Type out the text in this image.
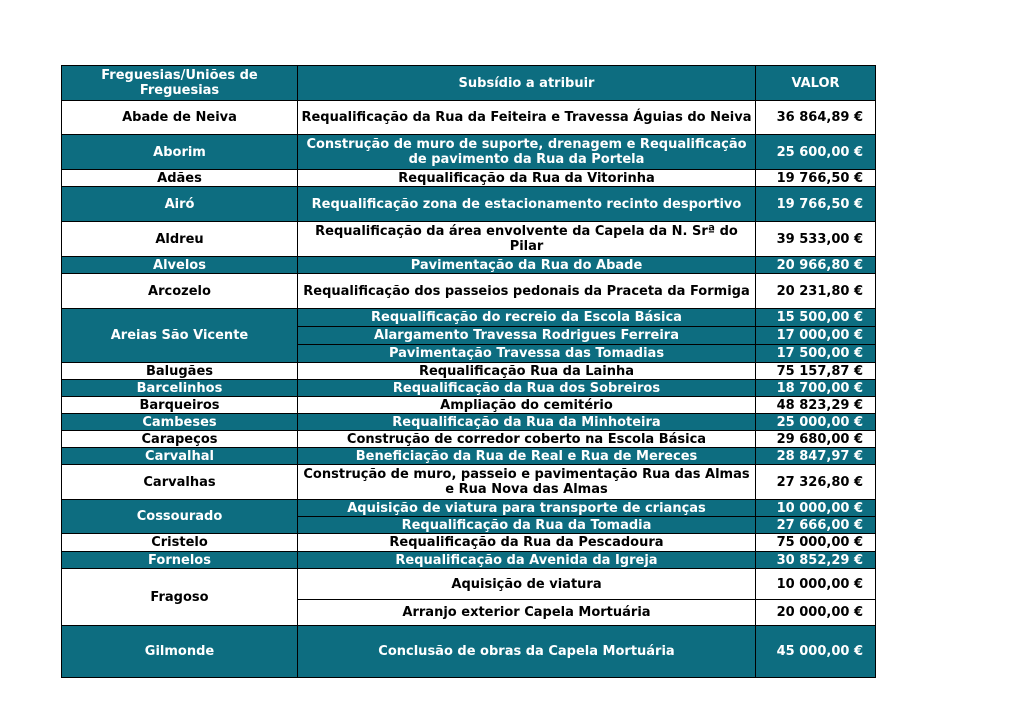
Freguesias/Uniões de Freguesias	Subsídio a atribuir	VALOR
Abade de Neiva	Requalificação da Rua da Feiteira e Travessa Águias do Neiva	36 864,89 €
Aborim	Construção de muro de suporte, drenagem e Requalificação de pavimento da Rua da Portela	25 600,00 €
Adães	Requalificação da Rua da Vitorinha	19 766,50 €
Airó	Requalificação zona de estacionamento recinto desportivo	19 766,50 €
Aldreu	Requalificação da área envolvente da Capela da N. Srª do Pilar	39 533,00 €
Alvelos	Pavimentação da Rua do Abade	20 966,80 €
Arcozelo	Requalificação dos passeios pedonais da Praceta da Formiga	20 231,80 €
Areias São Vicente	Requalificação do recreio da Escola Básica	15 500,00 €
	Alargamento Travessa Rodrigues Ferreira	17 000,00 €
	Pavimentação Travessa das Tomadias	17 500,00 €
Balugães	Requalificação Rua da Lainha	75 157,87 €
Barcelinhos	Requalificação da Rua dos Sobreiros	18 700,00 €
Barqueiros	Ampliação do cemitério	48 823,29 €
Cambeses	Requalificação da Rua da Minhoteira	25 000,00 €
Carapeços	Construção de corredor coberto na Escola Básica	29 680,00 €
Carvalhal	Beneficiação da Rua de Real e Rua de Mereces	28 847,97 €
Carvalhas	Construção de muro, passeio e pavimentação Rua das Almas e Rua Nova das Almas	27 326,80 €
Cossourado	Aquisição de viatura para transporte de crianças	10 000,00 €
	Requalificação da Rua da Tomadia	27 666,00 €
Cristelo	Requalificação da Rua da Pescadoura	75 000,00 €
Fornelos	Requalificação da Avenida da Igreja	30 852,29 €
Fragoso	Aquisição de viatura	10 000,00 €
	Arranjo exterior Capela Mortuária	20 000,00 €
Gilmonde	Conclusão de obras da Capela Mortuária	45 000,00 €
